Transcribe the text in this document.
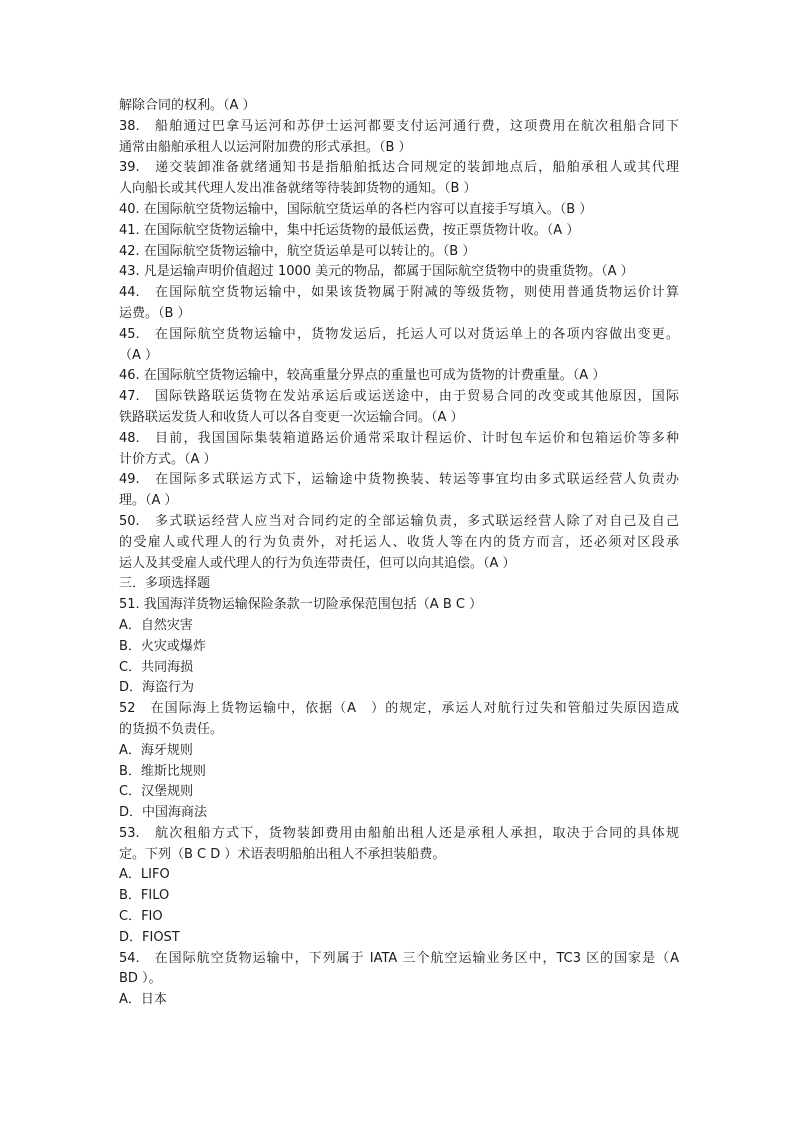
解除合同的权利。（A ）
38.　船舶通过巴拿马运河和苏伊士运河都要支付运河通行费，这项费用在航次租船合同下
通常由船舶承租人以运河附加费的形式承担。（B ）
39.　递交装卸准备就绪通知书是指船舶抵达合同规定的装卸地点后，船舶承租人或其代理
人向船长或其代理人发出准备就绪等待装卸货物的通知。（B ）
40. 在国际航空货物运输中，国际航空货运单的各栏内容可以直接手写填入。（B ）
41. 在国际航空货物运输中，集中托运货物的最低运费，按正票货物计收。（A ）
42. 在国际航空货物运输中，航空货运单是可以转让的。（B ）
43. 凡是运输声明价值超过 1000 美元的物品，都属于国际航空货物中的贵重货物。（A ）
44.　在国际航空货物运输中，如果该货物属于附减的等级货物，则使用普通货物运价计算
运费。（B ）
45.　在国际航空货物运输中，货物发运后，托运人可以对货运单上的各项内容做出变更。
（A ）
46. 在国际航空货物运输中，较高重量分界点的重量也可成为货物的计费重量。（A ）
47.　国际铁路联运货物在发站承运后或运送途中，由于贸易合同的改变或其他原因，国际
铁路联运发货人和收货人可以各自变更一次运输合同。（A ）
48.　目前，我国国际集装箱道路运价通常采取计程运价、计时包车运价和包箱运价等多种
计价方式。（A ）
49.　在国际多式联运方式下，运输途中货物换装、转运等事宜均由多式联运经营人负责办
理。（A ）
50.　多式联运经营人应当对合同约定的全部运输负责，多式联运经营人除了对自己及自己
的受雇人或代理人的行为负责外，对托运人、收货人等在内的货方而言，还必须对区段承
运人及其受雇人或代理人的行为负连带责任，但可以向其追偿。（A ）
三．多项选择题
51. 我国海洋货物运输保险条款一切险承保范围包括（A B C ）
A．自然灾害
B．火灾或爆炸
C．共同海损
D．海盗行为
52　在国际海上货物运输中，依据（A　）的规定，承运人对航行过失和管船过失原因造成
的货损不负责任。
A．海牙规则
B．维斯比规则
C．汉堡规则
D．中国海商法
53.　航次租船方式下，货物装卸费用由船舶出租人还是承租人承担，取决于合同的具体规
定。下列（B C D ）术语表明船舶出租人不承担装船费。
A．LIFO
B．FILO
C．FIO
D．FIOST
54.　在国际航空货物运输中，下列属于 IATA 三个航空运输业务区中，TC3 区的国家是（A
BD ）。
A．日本
